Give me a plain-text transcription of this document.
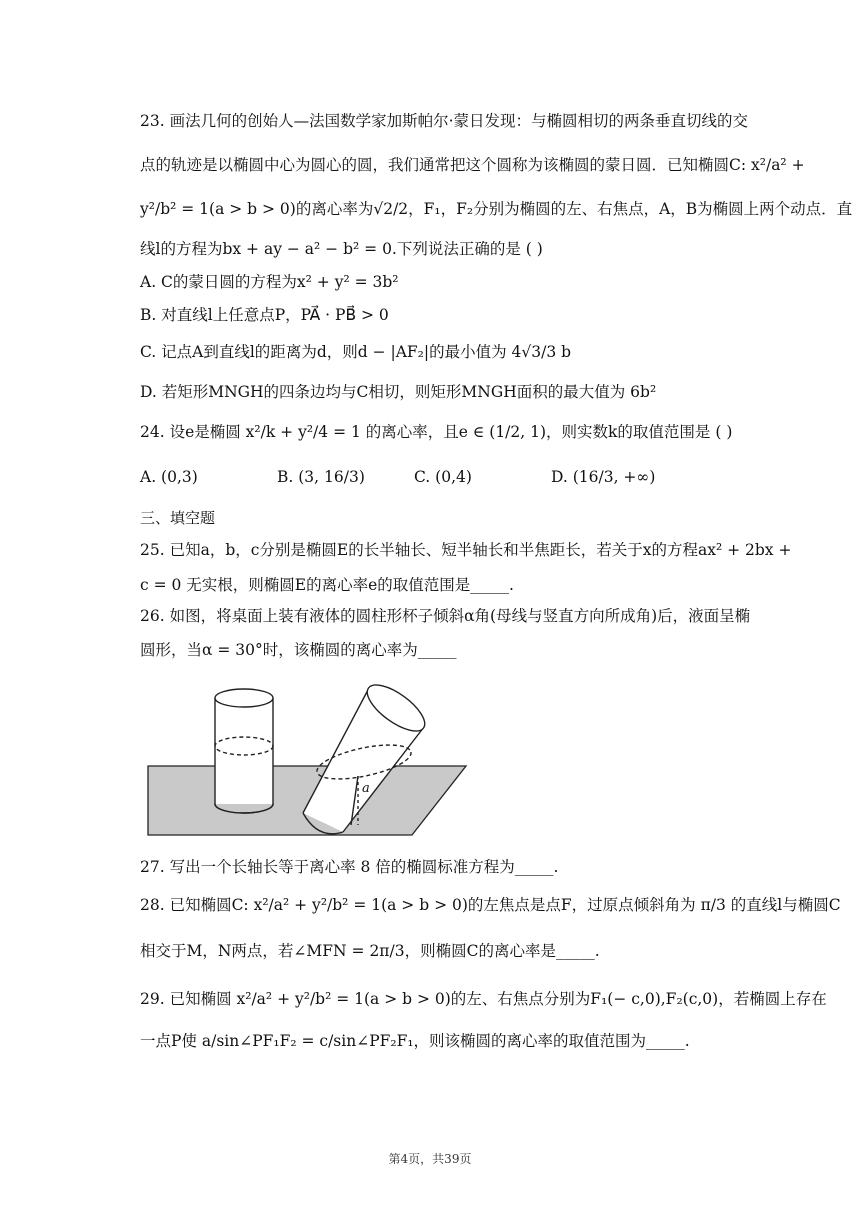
23. 画法几何的创始人—法国数学家加斯帕尔·蒙日发现：与椭圆相切的两条垂直切线的交
点的轨迹是以椭圆中心为圆心的圆，我们通常把这个圆称为该椭圆的蒙日圆．已知椭圆C: x²/a² +
y²/b² = 1(a > b > 0)的离心率为√2/2，F₁，F₂分别为椭圆的左、右焦点，A，B为椭圆上两个动点．直
线l的方程为bx + ay − a² − b² = 0.下列说法正确的是 ( )
A. C的蒙日圆的方程为x² + y² = 3b²
B. 对直线l上任意点P，PA⃗ · PB⃗ > 0
C. 记点A到直线l的距离为d，则d − |AF₂|的最小值为 4√3/3 b
D. 若矩形MNGH的四条边均与C相切，则矩形MNGH面积的最大值为 6b²
24. 设e是椭圆 x²/k + y²/4 = 1 的离心率，且e ∈ (1/2, 1)，则实数k的取值范围是 ( )
A. (0,3)	B. (3, 16/3)	C. (0,4)	D. (16/3, +∞)
三、填空题
25. 已知a，b，c分别是椭圆E的长半轴长、短半轴长和半焦距长，若关于x的方程ax² + 2bx +
c = 0 无实根，则椭圆E的离心率e的取值范围是_____.
26. 如图，将桌面上装有液体的圆柱形杯子倾斜α角(母线与竖直方向所成角)后，液面呈椭
圆形，当α = 30°时，该椭圆的离心率为_____
a
27. 写出一个长轴长等于离心率 8 倍的椭圆标准方程为_____.
28. 已知椭圆C: x²/a² + y²/b² = 1(a > b > 0)的左焦点是点F，过原点倾斜角为 π/3 的直线l与椭圆C
相交于M，N两点，若∠MFN = 2π/3，则椭圆C的离心率是_____.
29. 已知椭圆 x²/a² + y²/b² = 1(a > b > 0)的左、右焦点分别为F₁(− c,0),F₂(c,0)，若椭圆上存在
一点P使 a/sin∠PF₁F₂ = c/sin∠PF₂F₁，则该椭圆的离心率的取值范围为_____.
第4页，共39页
